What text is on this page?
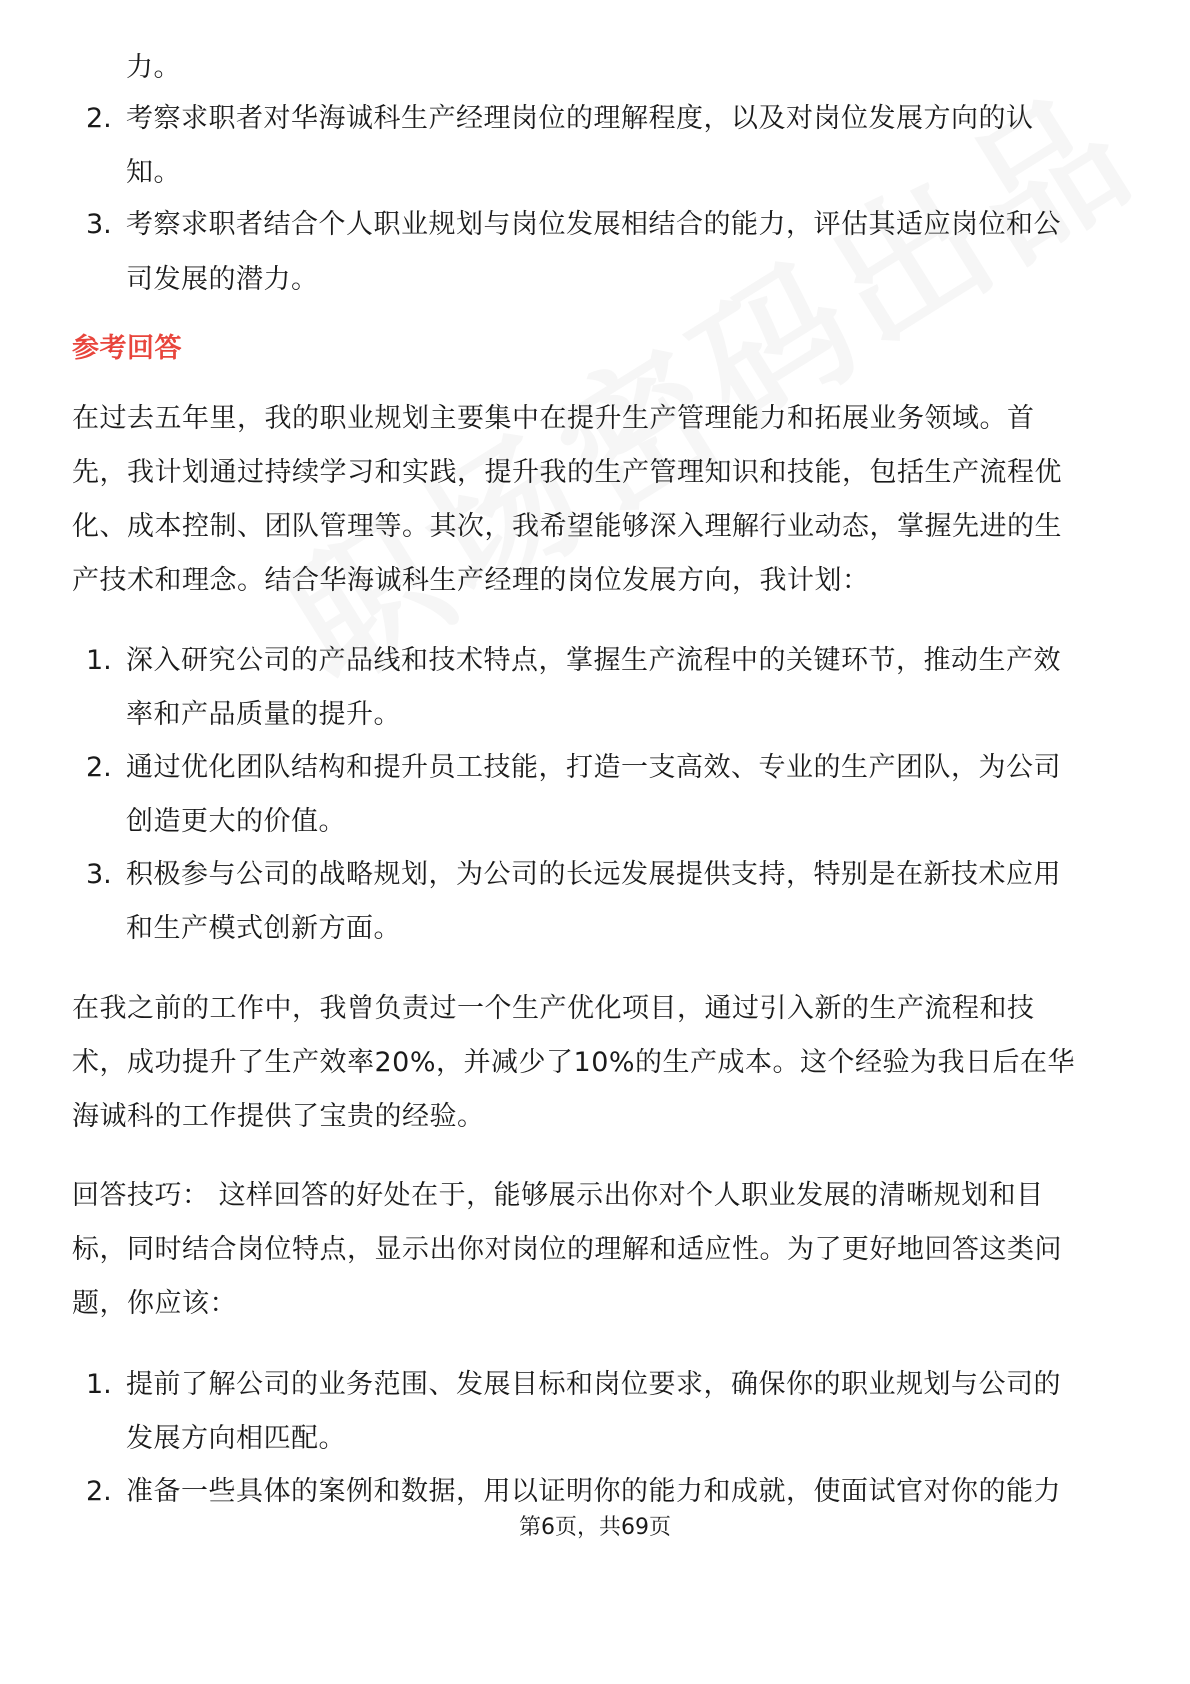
力。
2. 考察求职者对华海诚科生产经理岗位的理解程度，以及对岗位发展方向的认
知。
3. 考察求职者结合个人职业规划与岗位发展相结合的能力，评估其适应岗位和公
司发展的潜力。
参考回答
在过去五年里，我的职业规划主要集中在提升生产管理能力和拓展业务领域。首
先，我计划通过持续学习和实践，提升我的生产管理知识和技能，包括生产流程优
化、成本控制、团队管理等。其次，我希望能够深入理解行业动态，掌握先进的生
产技术和理念。结合华海诚科生产经理的岗位发展方向，我计划：
1. 深入研究公司的产品线和技术特点，掌握生产流程中的关键环节，推动生产效
率和产品质量的提升。
2. 通过优化团队结构和提升员工技能，打造一支高效、专业的生产团队，为公司
创造更大的价值。
3. 积极参与公司的战略规划，为公司的长远发展提供支持，特别是在新技术应用
和生产模式创新方面。
在我之前的工作中，我曾负责过一个生产优化项目，通过引入新的生产流程和技
术，成功提升了生产效率20%，并减少了10%的生产成本。这个经验为我日后在华
海诚科的工作提供了宝贵的经验。
回答技巧： 这样回答的好处在于，能够展示出你对个人职业发展的清晰规划和目
标，同时结合岗位特点，显示出你对岗位的理解和适应性。为了更好地回答这类问
题，你应该：
1. 提前了解公司的业务范围、发展目标和岗位要求，确保你的职业规划与公司的
发展方向相匹配。
2. 准备一些具体的案例和数据，用以证明你的能力和成就，使面试官对你的能力
第6页，共69页
